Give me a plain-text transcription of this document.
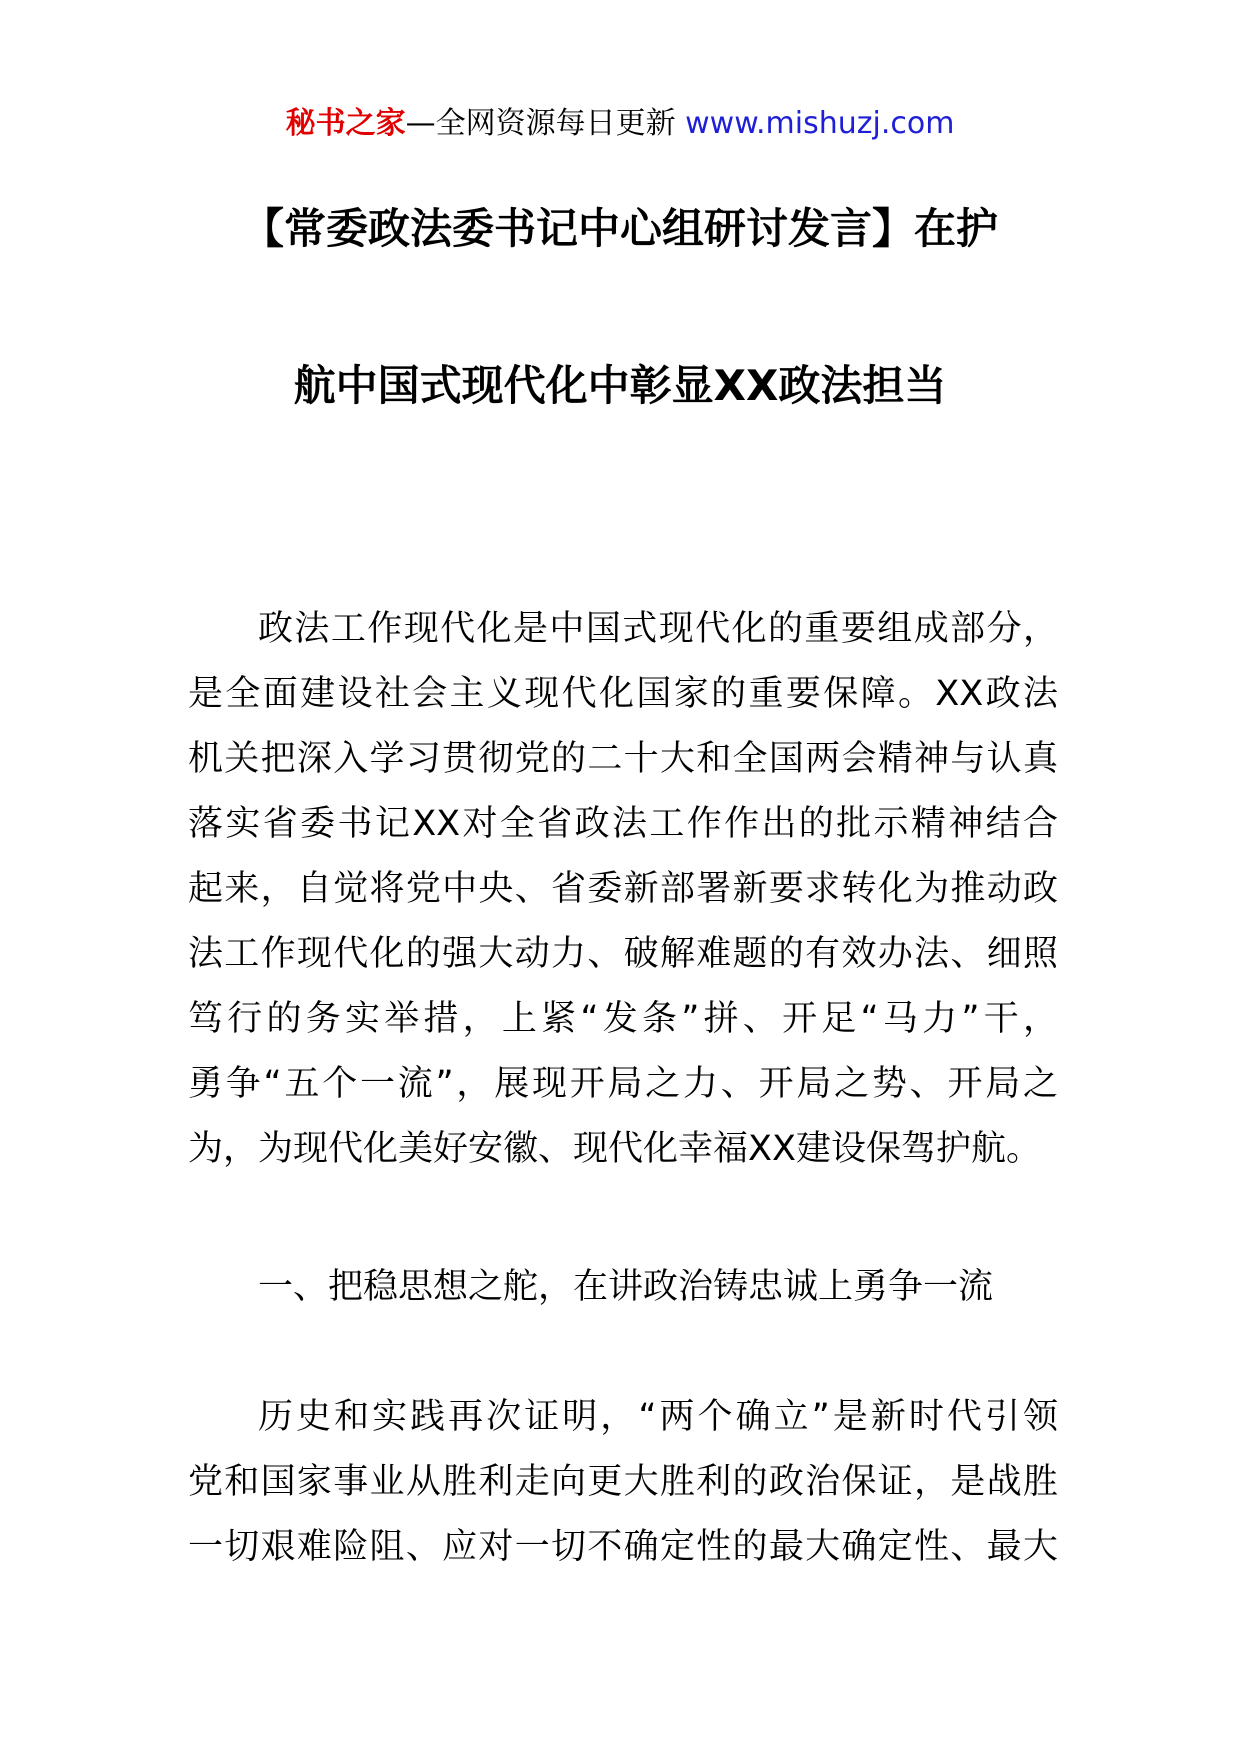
秘书之家—全网资源每日更新 www.mishuzj.com
【常委政法委书记中心组研讨发言】在护
航中国式现代化中彰显XX政法担当
政法工作现代化是中国式现代化的重要组成部分，
是全面建设社会主义现代化国家的重要保障。XX政法
机关把深入学习贯彻党的二十大和全国两会精神与认真
落实省委书记XX对全省政法工作作出的批示精神结合
起来，自觉将党中央、省委新部署新要求转化为推动政
法工作现代化的强大动力、破解难题的有效办法、细照
笃行的务实举措，上紧“发条”拼、开足“马力”干，
勇争“五个一流”，展现开局之力、开局之势、开局之
为，为现代化美好安徽、现代化幸福XX建设保驾护航。
一、把稳思想之舵，在讲政治铸忠诚上勇争一流
历史和实践再次证明，“两个确立”是新时代引领
党和国家事业从胜利走向更大胜利的政治保证，是战胜
一切艰难险阻、应对一切不确定性的最大确定性、最大
